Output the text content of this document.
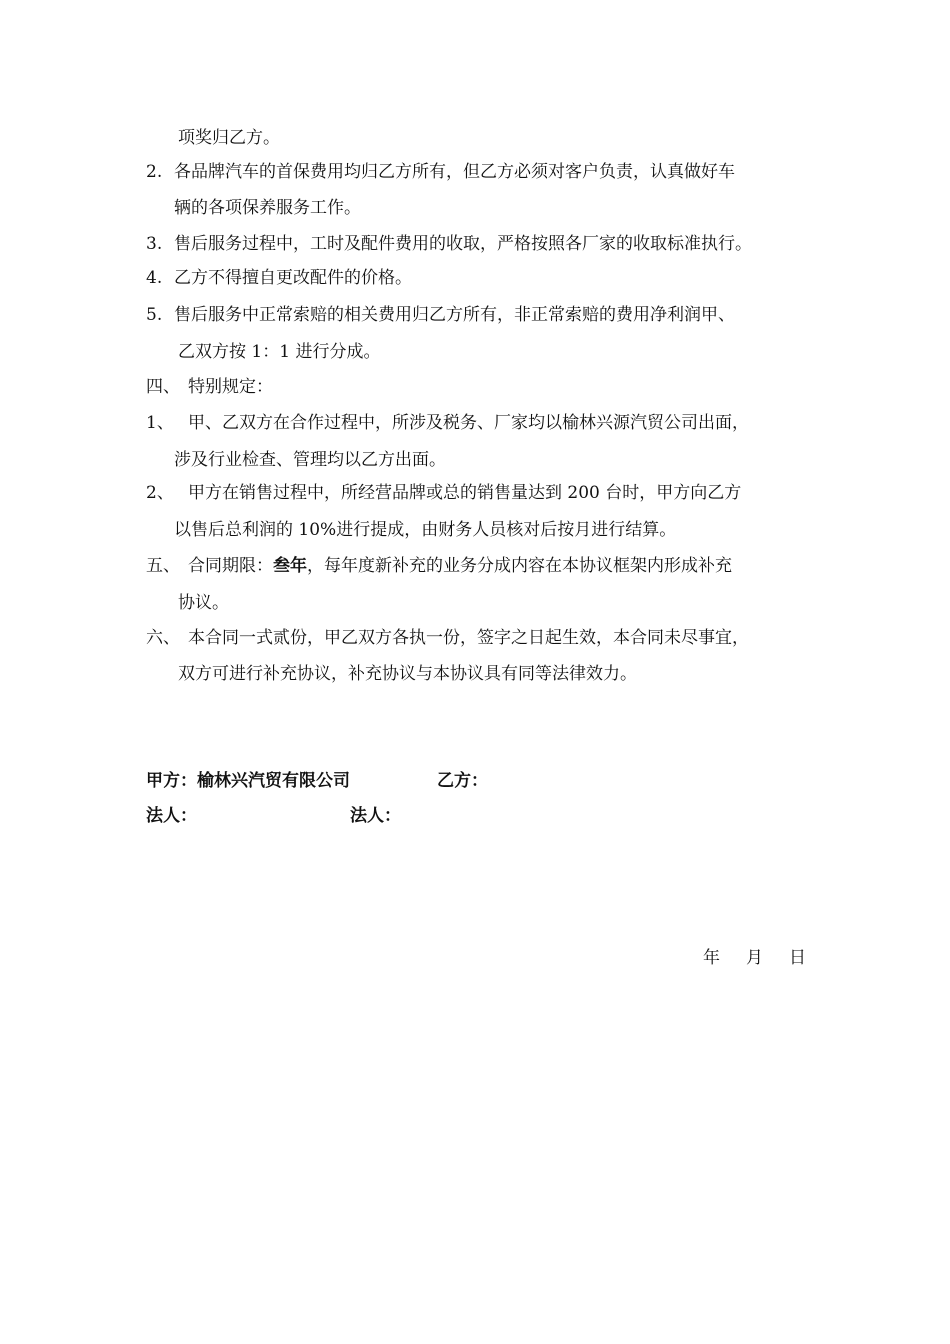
项奖归乙方。
2. 各品牌汽车的首保费用均归乙方所有，但乙方必须对客户负责，认真做好车
辆的各项保养服务工作。
3. 售后服务过程中，工时及配件费用的收取，严格按照各厂家的收取标准执行。
4. 乙方不得擅自更改配件的价格。
5. 售后服务中正常索赔的相关费用归乙方所有，非正常索赔的费用净利润甲、
乙双方按 1：1 进行分成。
四、 特别规定：
1、 甲、乙双方在合作过程中，所涉及税务、厂家均以榆林兴源汽贸公司出面，
涉及行业检查、管理均以乙方出面。
2、 甲方在销售过程中，所经营品牌或总的销售量达到 200 台时，甲方向乙方
以售后总利润的 10%进行提成，由财务人员核对后按月进行结算。
五、 合同期限：叁年，每年度新补充的业务分成内容在本协议框架内形成补充
协议。
六、 本合同一式贰份，甲乙双方各执一份，签字之日起生效，本合同未尽事宜，
双方可进行补充协议，补充协议与本协议具有同等法律效力。
甲方：榆林兴汽贸有限公司	乙方：
法人：	法人：
年 月 日
